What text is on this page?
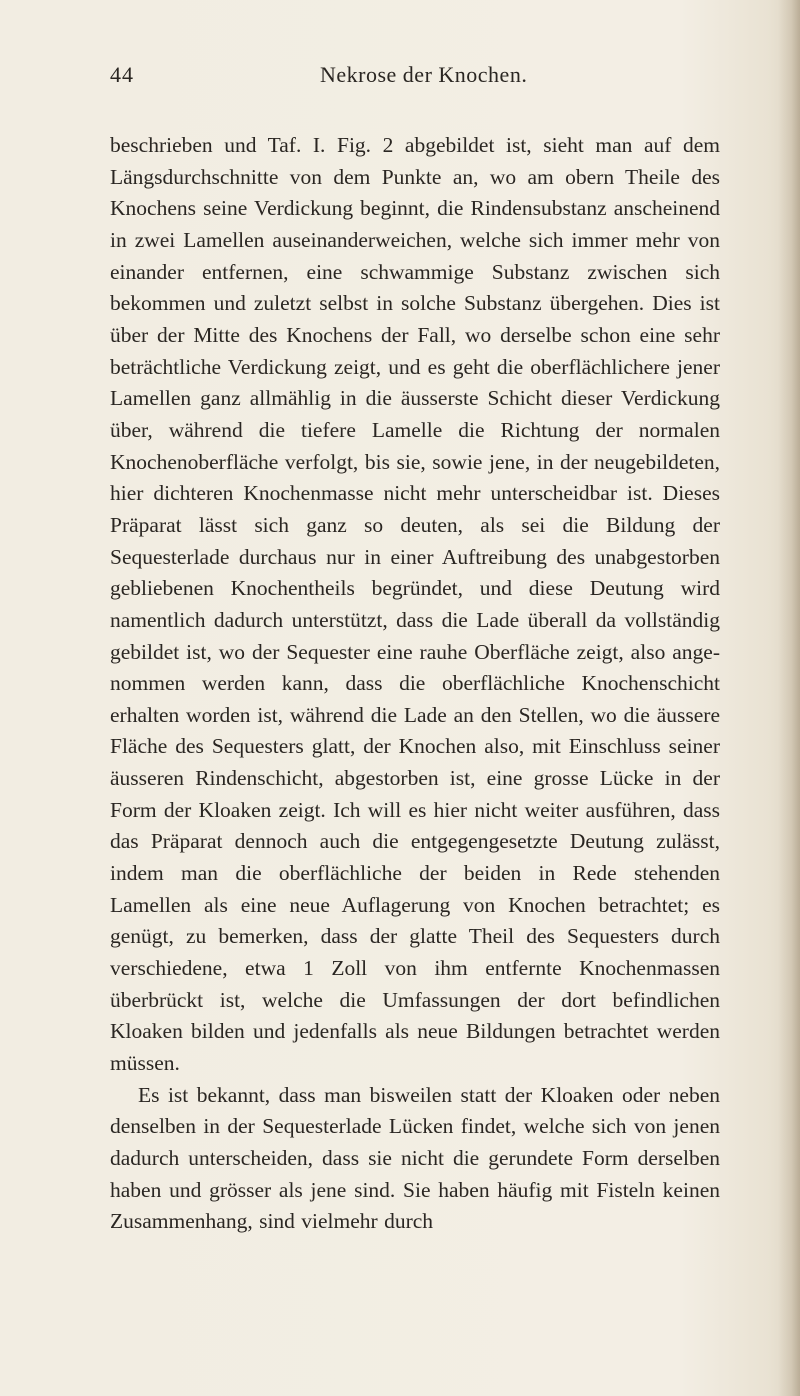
44	Nekrose der Knochen.

beschrieben und Taf. I. Fig. 2 abgebildet ist, sieht man auf dem Längsdurchschnitte von dem Punkte an, wo am obern Theile des Knochens seine Verdickung beginnt, die Rindensubstanz anscheinend in zwei Lamellen auseinanderweichen, welche sich immer mehr von einander entfernen, eine schwammige Substanz zwischen sich bekommen und zuletzt selbst in solche Substanz übergehen. Dies ist über der Mitte des Knochens der Fall, wo derselbe schon eine sehr beträchtliche Verdickung zeigt, und es geht die oberflächlichere jener Lamellen ganz allmählig in die äusserste Schicht dieser Verdickung über, während die tiefere Lamelle die Richtung der normalen Knochenoberfläche verfolgt, bis sie, sowie jene, in der neugebildeten, hier dichteren Knochenmasse nicht mehr unterscheidbar ist. Dieses Präparat lässt sich ganz so deuten, als sei die Bildung der Sequesterlade durchaus nur in einer Auftreibung des unabgestorben gebliebenen Knochentheils begründet, und diese Deutung wird namentlich dadurch unterstützt, dass die Lade überall da vollständig gebildet ist, wo der Sequester eine rauhe Oberfläche zeigt, also angenommen werden kann, dass die oberflächliche Knochenschicht erhalten worden ist, während die Lade an den Stellen, wo die äussere Fläche des Sequesters glatt, der Knochen also, mit Einschluss seiner äusseren Rindenschicht, abgestorben ist, eine grosse Lücke in der Form der Kloaken zeigt. Ich will es hier nicht weiter ausführen, dass das Präparat dennoch auch die entgegengesetzte Deutung zulässt, indem man die oberflächliche der beiden in Rede stehenden Lamellen als eine neue Auflagerung von Knochen betrachtet; es genügt, zu bemerken, dass der glatte Theil des Sequesters durch verschiedene, etwa 1 Zoll von ihm entfernte Knochenmassen überbrückt ist, welche die Umfassungen der dort befindlichen Kloaken bilden und jedenfalls als neue Bildungen betrachtet werden müssen.

Es ist bekannt, dass man bisweilen statt der Kloaken oder neben denselben in der Sequesterlade Lücken findet, welche sich von jenen dadurch unterscheiden, dass sie nicht die gerundete Form derselben haben und grösser als jene sind. Sie haben häufig mit Fisteln keinen Zusammenhang, sind vielmehr durch
